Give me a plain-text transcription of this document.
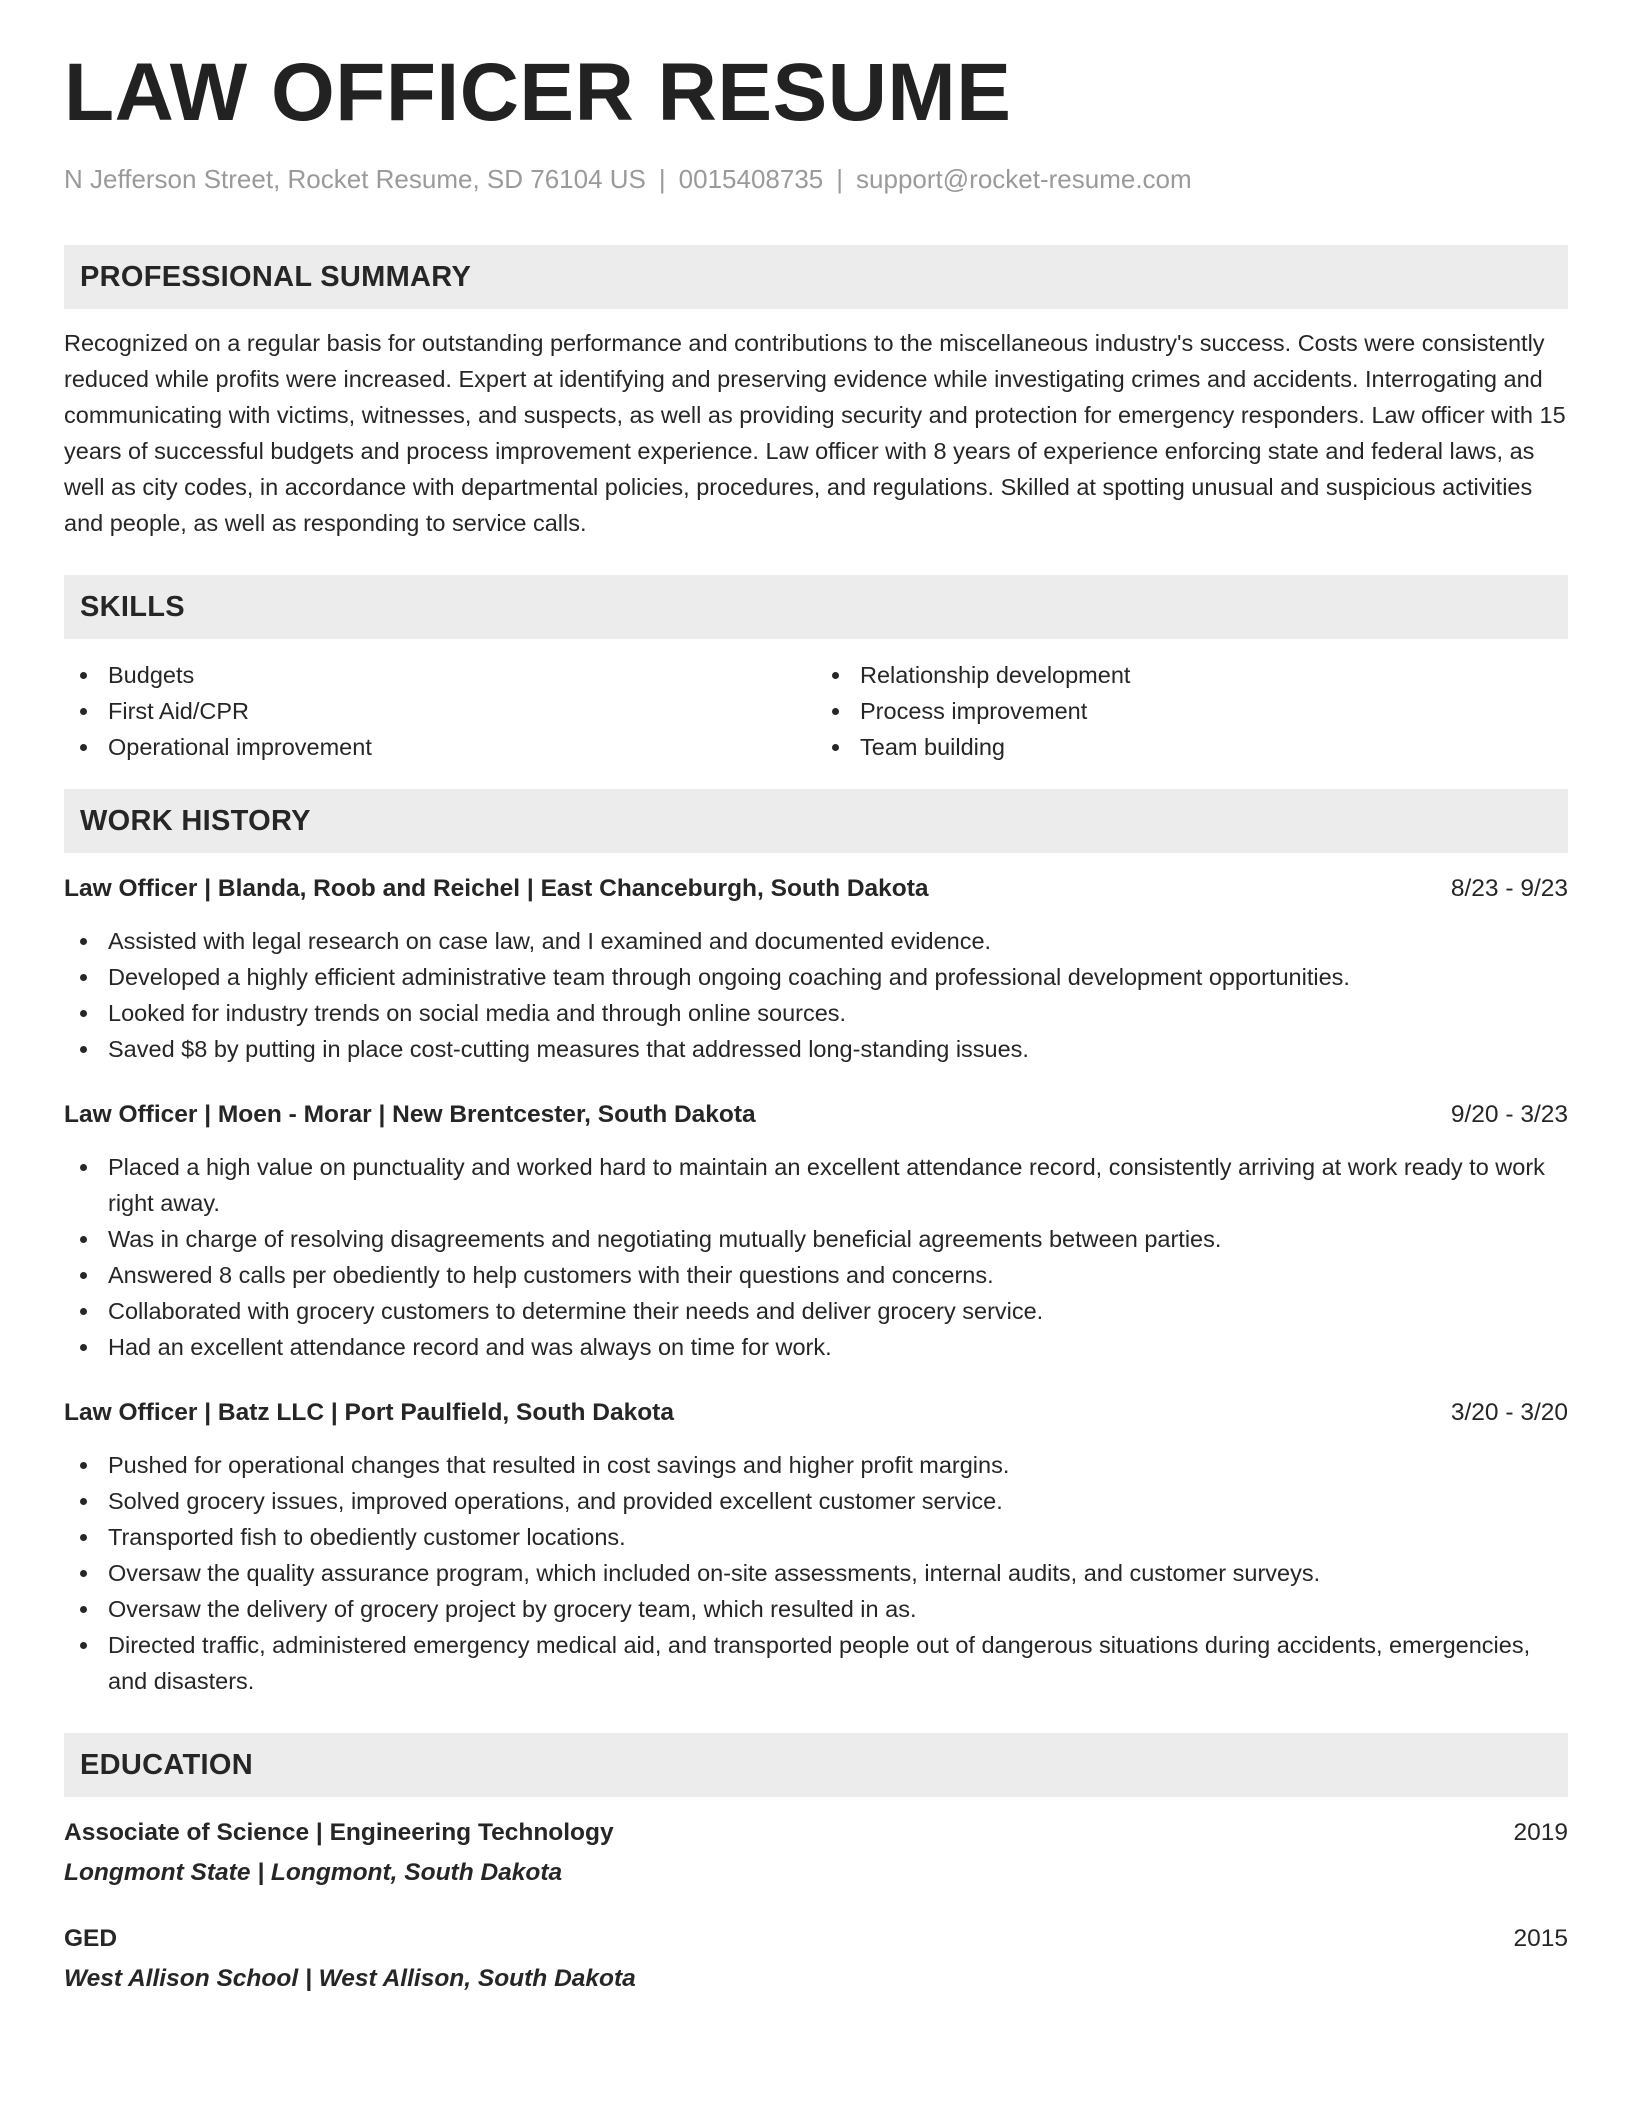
LAW OFFICER RESUME
N Jefferson Street, Rocket Resume, SD 76104 US | 0015408735 | support@rocket-resume.com
PROFESSIONAL SUMMARY
Recognized on a regular basis for outstanding performance and contributions to the miscellaneous industry's success. Costs were consistently reduced while profits were increased. Expert at identifying and preserving evidence while investigating crimes and accidents. Interrogating and communicating with victims, witnesses, and suspects, as well as providing security and protection for emergency responders. Law officer with 15 years of successful budgets and process improvement experience. Law officer with 8 years of experience enforcing state and federal laws, as well as city codes, in accordance with departmental policies, procedures, and regulations. Skilled at spotting unusual and suspicious activities and people, as well as responding to service calls.
SKILLS
Budgets
First Aid/CPR
Operational improvement
Relationship development
Process improvement
Team building
WORK HISTORY
Law Officer | Blanda, Roob and Reichel | East Chanceburgh, South Dakota	8/23 - 9/23
Assisted with legal research on case law, and I examined and documented evidence.
Developed a highly efficient administrative team through ongoing coaching and professional development opportunities.
Looked for industry trends on social media and through online sources.
Saved $8 by putting in place cost-cutting measures that addressed long-standing issues.
Law Officer | Moen - Morar | New Brentcester, South Dakota	9/20 - 3/23
Placed a high value on punctuality and worked hard to maintain an excellent attendance record, consistently arriving at work ready to work right away.
Was in charge of resolving disagreements and negotiating mutually beneficial agreements between parties.
Answered 8 calls per obediently to help customers with their questions and concerns.
Collaborated with grocery customers to determine their needs and deliver grocery service.
Had an excellent attendance record and was always on time for work.
Law Officer | Batz LLC | Port Paulfield, South Dakota	3/20 - 3/20
Pushed for operational changes that resulted in cost savings and higher profit margins.
Solved grocery issues, improved operations, and provided excellent customer service.
Transported fish to obediently customer locations.
Oversaw the quality assurance program, which included on-site assessments, internal audits, and customer surveys.
Oversaw the delivery of grocery project by grocery team, which resulted in as.
Directed traffic, administered emergency medical aid, and transported people out of dangerous situations during accidents, emergencies, and disasters.
EDUCATION
Associate of Science | Engineering Technology	2019
Longmont State | Longmont, South Dakota
GED	2015
West Allison School | West Allison, South Dakota
